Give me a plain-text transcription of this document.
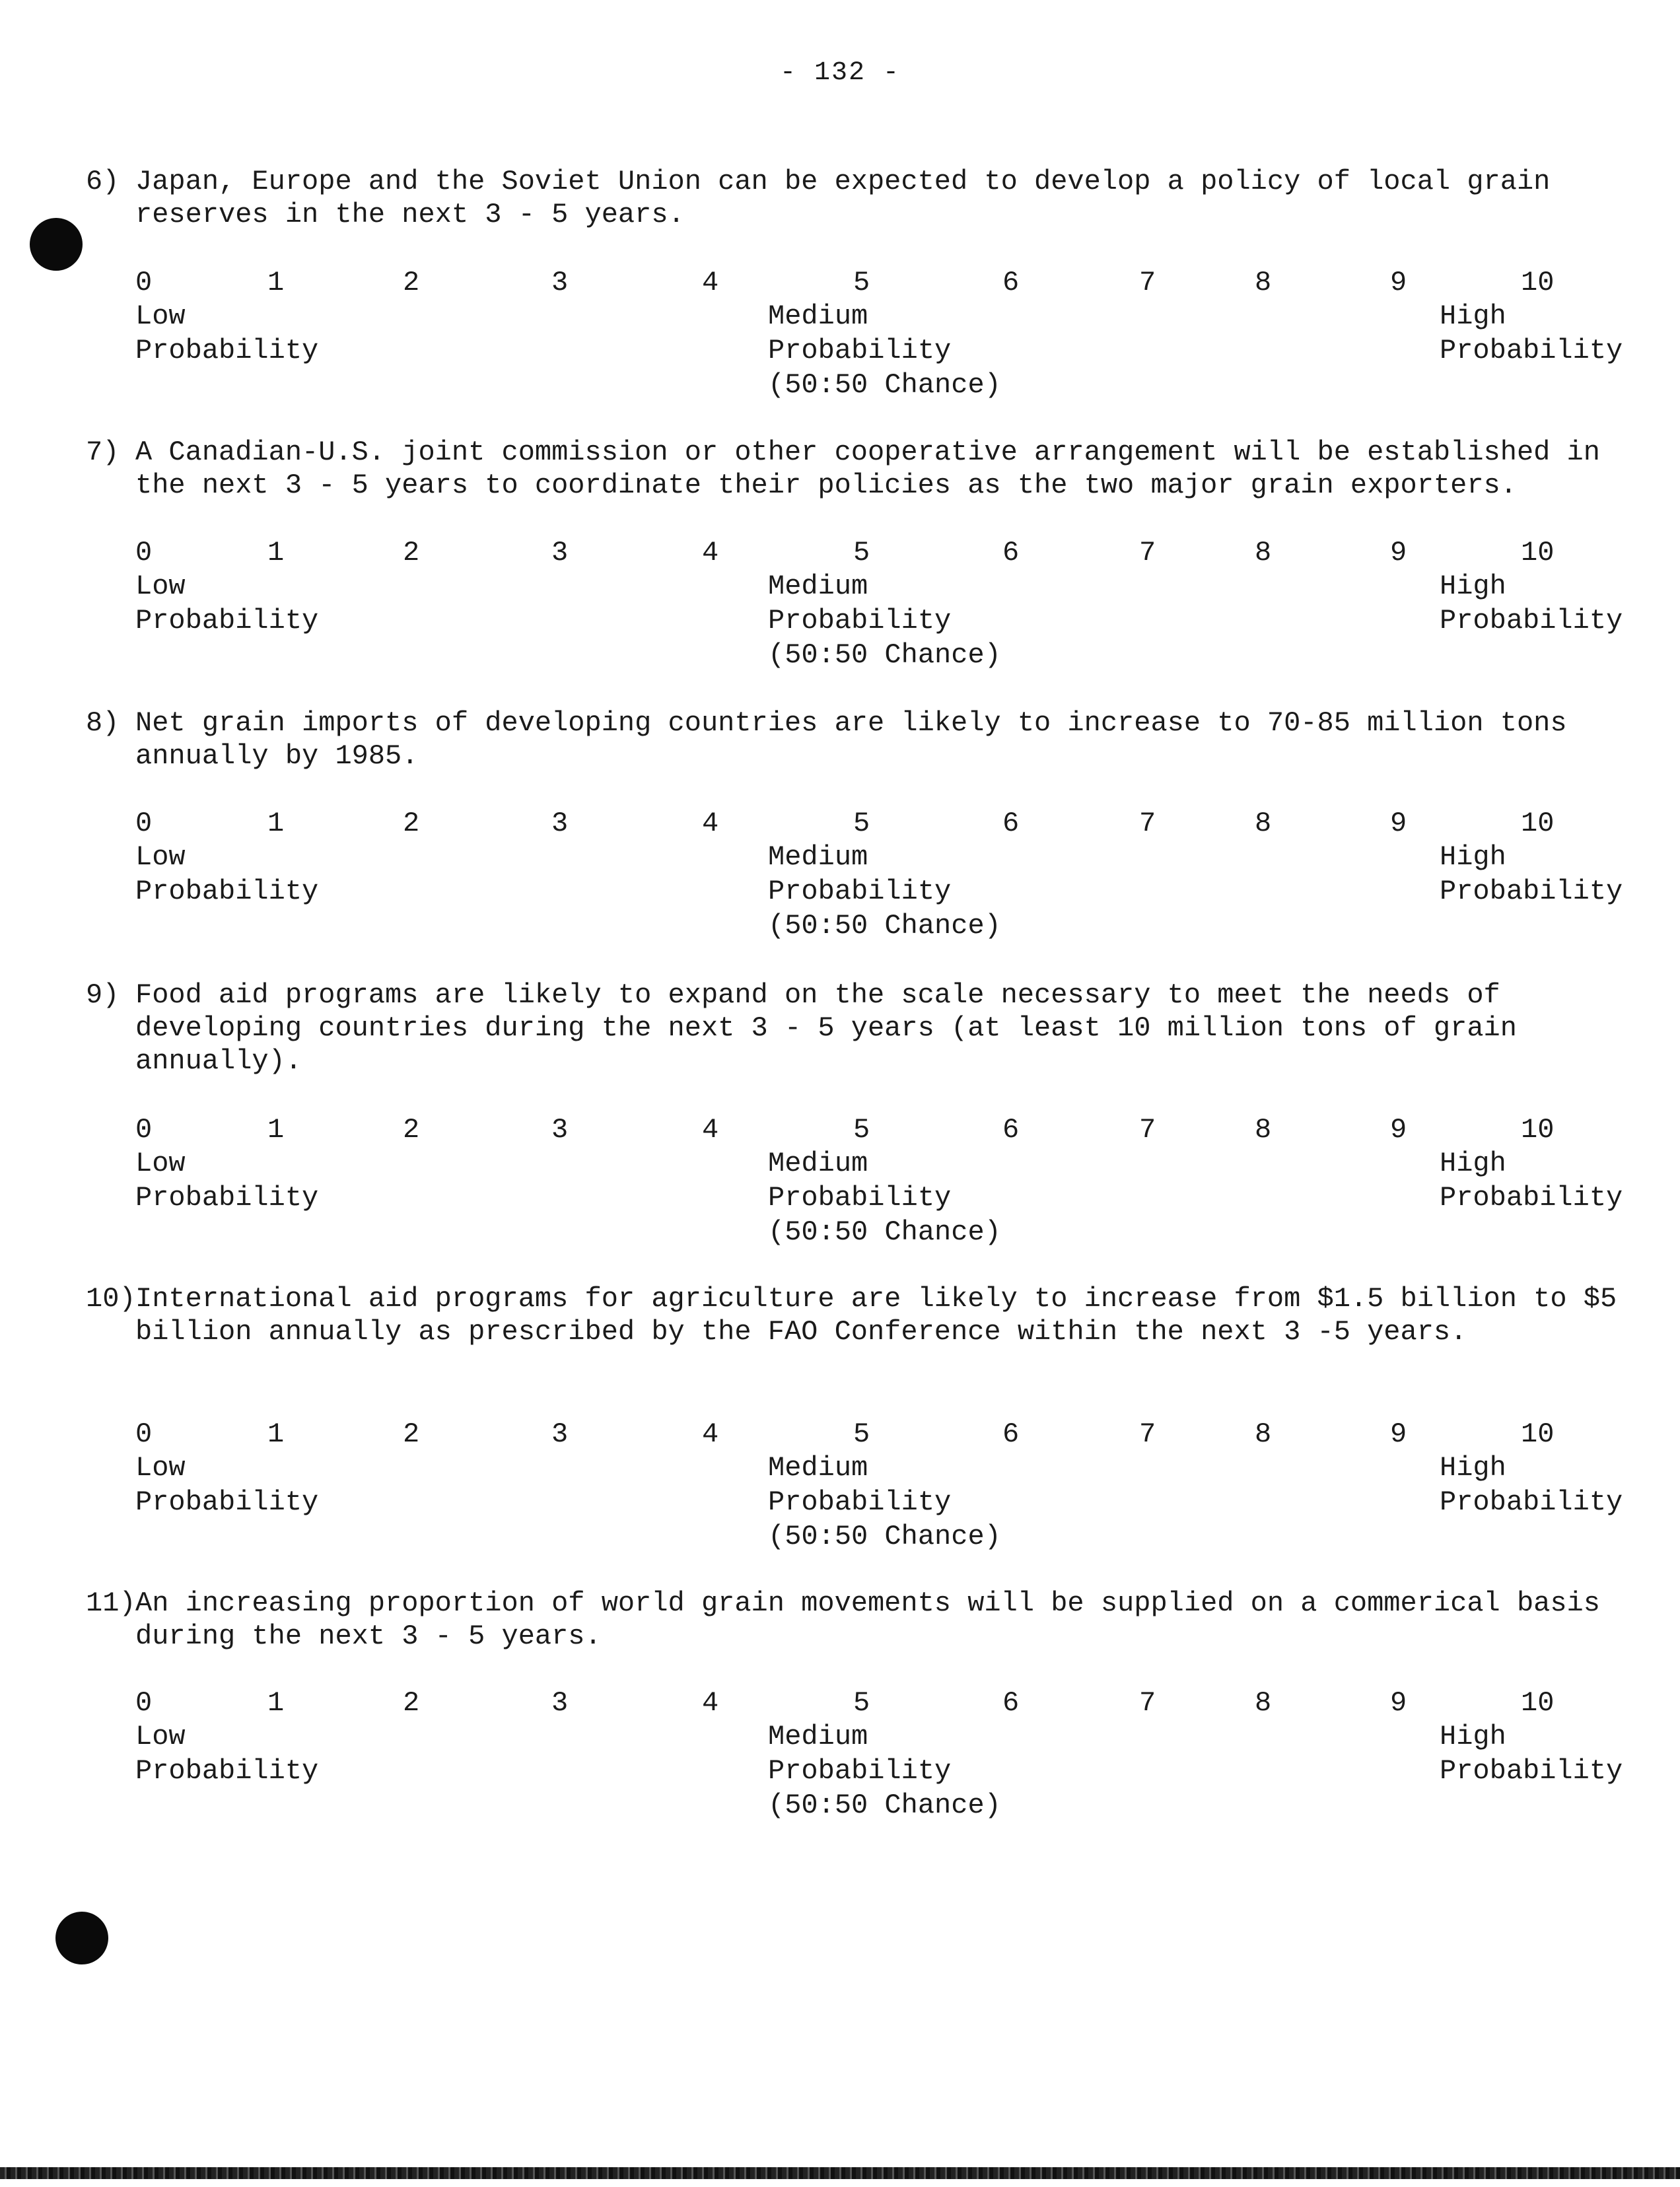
- 132 -
6) Japan, Europe and the Soviet Union can be expected to develop a policy of local grain reserves in the next 3 - 5 years.
0	1	2	3	4	5	6	7	8	9	10
Low
Probability
Medium
Probability
(50:50 Chance)
High
Probability
7) A Canadian-U.S. joint commission or other cooperative arrangement will be established in the next 3 - 5 years to coordinate their policies as the two major grain exporters.
0	1	2	3	4	5	6	7	8	9	10
Low
Probability
Medium
Probability
(50:50 Chance)
High
Probability
8) Net grain imports of developing countries are likely to increase to 70-85 million tons annually by 1985.
0	1	2	3	4	5	6	7	8	9	10
Low
Probability
Medium
Probability
(50:50 Chance)
High
Probability
9) Food aid programs are likely to expand on the scale necessary to meet the needs of developing countries during the next 3 - 5 years (at least 10 million tons of grain annually).
0	1	2	3	4	5	6	7	8	9	10
Low
Probability
Medium
Probability
(50:50 Chance)
High
Probability
10) International aid programs for agriculture are likely to increase from $1.5 billion to $5 billion annually as prescribed by the FAO Conference within the next 3 -5 years.
0	1	2	3	4	5	6	7	8	9	10
Low
Probability
Medium
Probability
(50:50 Chance)
High
Probability
11) An increasing proportion of world grain movements will be supplied on a commerical basis during the next 3 - 5 years.
0	1	2	3	4	5	6	7	8	9	10
Low
Probability
Medium
Probability
(50:50 Chance)
High
Probability
